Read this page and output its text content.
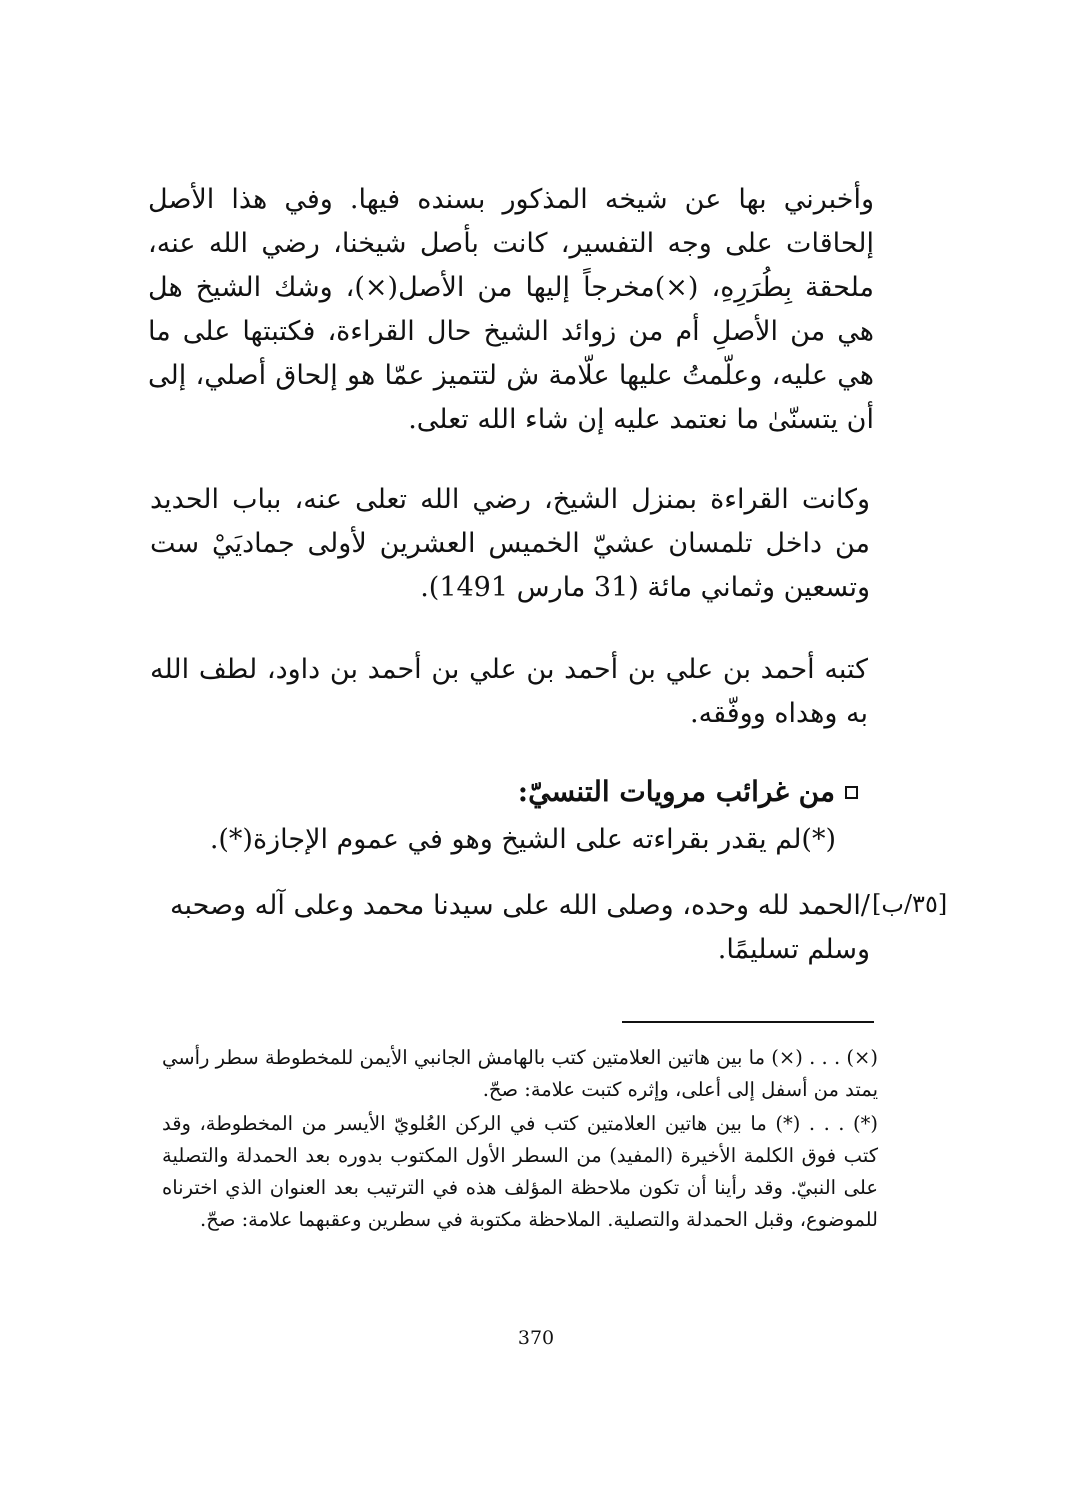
وأخبرني بها عن شيخه المذكور بسنده فيها. وفي هذا الأصل إلحاقات على وجه التفسير، كانت بأصل شيخنا، رضي الله عنه، ملحقة بِطُرَرِهِ، (×)مخرجاً إليها من الأصل(×)، وشك الشيخ هل هي من الأصلِ أم من زوائد الشيخ حال القراءة، فكتبتها على ما هي عليه، وعلّمتُ عليها علّامة ش لتتميز عمّا هو إلحاق أصلي، إلى أن يتسنّىٰ ما نعتمد عليه إن شاء الله تعلى.

وكانت القراءة بمنزل الشيخ، رضي الله تعلى عنه، بباب الحديد من داخل تلمسان عشيّ الخميس العشرين لأولى جماديَيْ ست وتسعين وثماني مائة (31 مارس 1491).

كتبه أحمد بن علي بن أحمد بن علي بن أحمد بن داود، لطف الله به وهداه ووفّقه.

من غرائب مرويات التنسيّ:
(*)لم يقدر بقراءته على الشيخ وهو في عموم الإجازة(*).
[٣٥/ب]

/الحمد لله وحده، وصلى الله على سيدنا محمد وعلى آله وصحبه وسلم تسليمًا.

(×) . . . (×) ما بين هاتين العلامتين كتب بالهامش الجانبي الأيمن للمخطوطة سطر رأسي يمتد من أسفل إلى أعلى، وإثره كتبت علامة: صحّ.

(*) . . . (*) ما بين هاتين العلامتين كتب في الركن العُلويّ الأيسر من المخطوطة، وقد كتب فوق الكلمة الأخيرة (المفيد) من السطر الأول المكتوب بدوره بعد الحمدلة والتصلية على النبيّ. وقد رأينا أن تكون ملاحظة المؤلف هذه في الترتيب بعد العنوان الذي اخترناه للموضوع، وقبل الحمدلة والتصلية. الملاحظة مكتوبة في سطرين وعقبهما علامة: صحّ.

370
